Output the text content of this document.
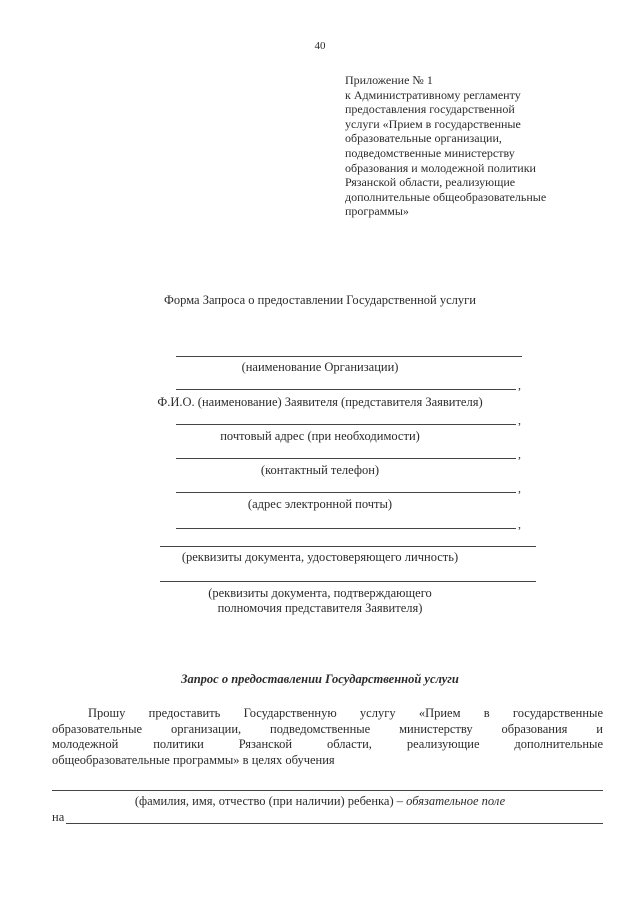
40
Приложение № 1
к Административному регламенту
предоставления государственной
услуги «Прием в государственные
образовательные организации,
подведомственные министерству
образования и молодежной политики
Рязанской области, реализующие
дополнительные общеобразовательные
программы»
Форма Запроса о предоставлении Государственной услуги
(наименование Организации)
,
Ф.И.О. (наименование) Заявителя (представителя Заявителя)
,
почтовый адрес (при необходимости)
,
(контактный телефон)
,
(адрес электронной почты)
,
(реквизиты документа, удостоверяющего личность)
(реквизиты документа, подтверждающего
полномочия представителя Заявителя)
Запрос о предоставлении Государственной услуги

Прошу предоставить Государственную услугу «Прием в государственные

образовательные организации, подведомственные министерству образования и

молодежной политики Рязанской области, реализующие дополнительные

общеобразовательные программы» в целях обучения

(фамилия, имя, отчество (при наличии) ребенка) – обязательное поле
на
